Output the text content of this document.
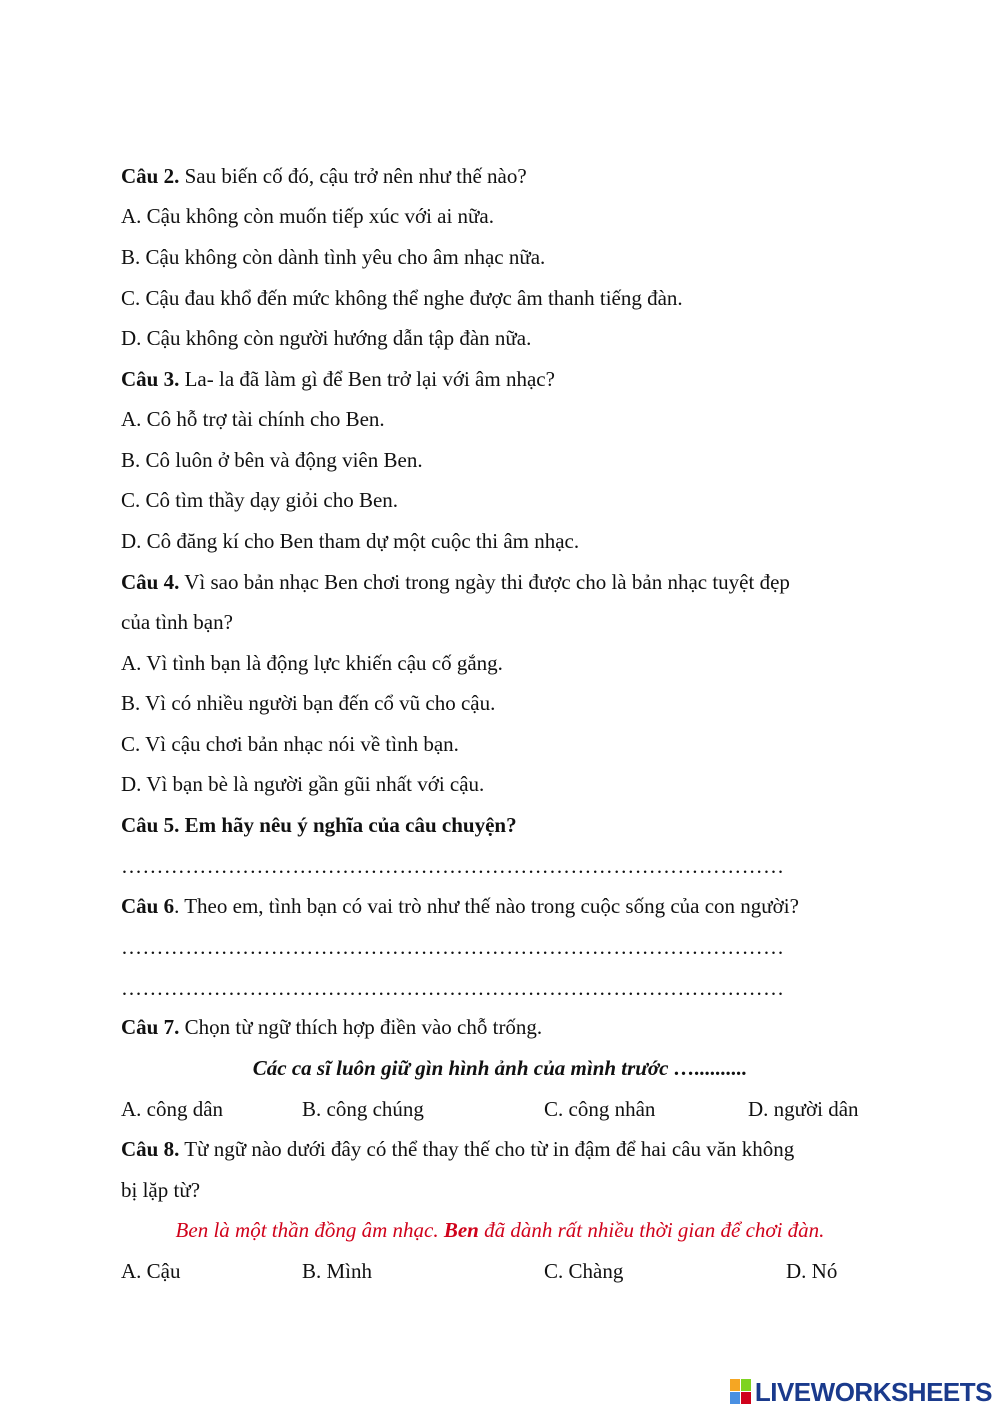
Câu 2. Sau biến cố đó, cậu trở nên như thế nào?
A. Cậu không còn muốn tiếp xúc với ai nữa.
B. Cậu không còn dành tình yêu cho âm nhạc nữa.
C. Cậu đau khổ đến mức không thể nghe được âm thanh tiếng đàn.
D. Cậu không còn người hướng dẫn tập đàn nữa.
Câu 3. La- la đã làm gì để Ben trở lại với âm nhạc?
A. Cô hỗ trợ tài chính cho Ben.
B. Cô luôn ở bên và động viên Ben.
C. Cô tìm thầy dạy giỏi cho Ben.
D. Cô đăng kí cho Ben tham dự một cuộc thi âm nhạc.
Câu 4. Vì sao bản nhạc Ben chơi trong ngày thi được cho là bản nhạc tuyệt đẹp
của tình bạn?
A. Vì tình bạn là động lực khiến cậu cố gắng.
B. Vì có nhiều người bạn đến cổ vũ cho cậu.
C. Vì cậu chơi bản nhạc nói về tình bạn.
D. Vì bạn bè là người gần gũi nhất với cậu.
Câu 5. Em hãy nêu ý nghĩa của câu chuyện?
…………………………………………………………………………………
Câu 6. Theo em, tình bạn có vai trò như thế nào trong cuộc sống của con người?
…………………………………………………………………………………
…………………………………………………………………………………
Câu 7. Chọn từ ngữ thích hợp điền vào chỗ trống.
Các ca sĩ luôn giữ gìn hình ảnh của mình trước …..........
A. công dân	B. công chúng	C. công nhân	D. người dân
Câu 8. Từ ngữ nào dưới đây có thể thay thế cho từ in đậm để hai câu văn không
bị lặp từ?
Ben là một thần đồng âm nhạc. Ben đã dành rất nhiều thời gian để chơi đàn.
A. Cậu	B. Mình	C. Chàng	D. Nó
LIVEWORKSHEETS
